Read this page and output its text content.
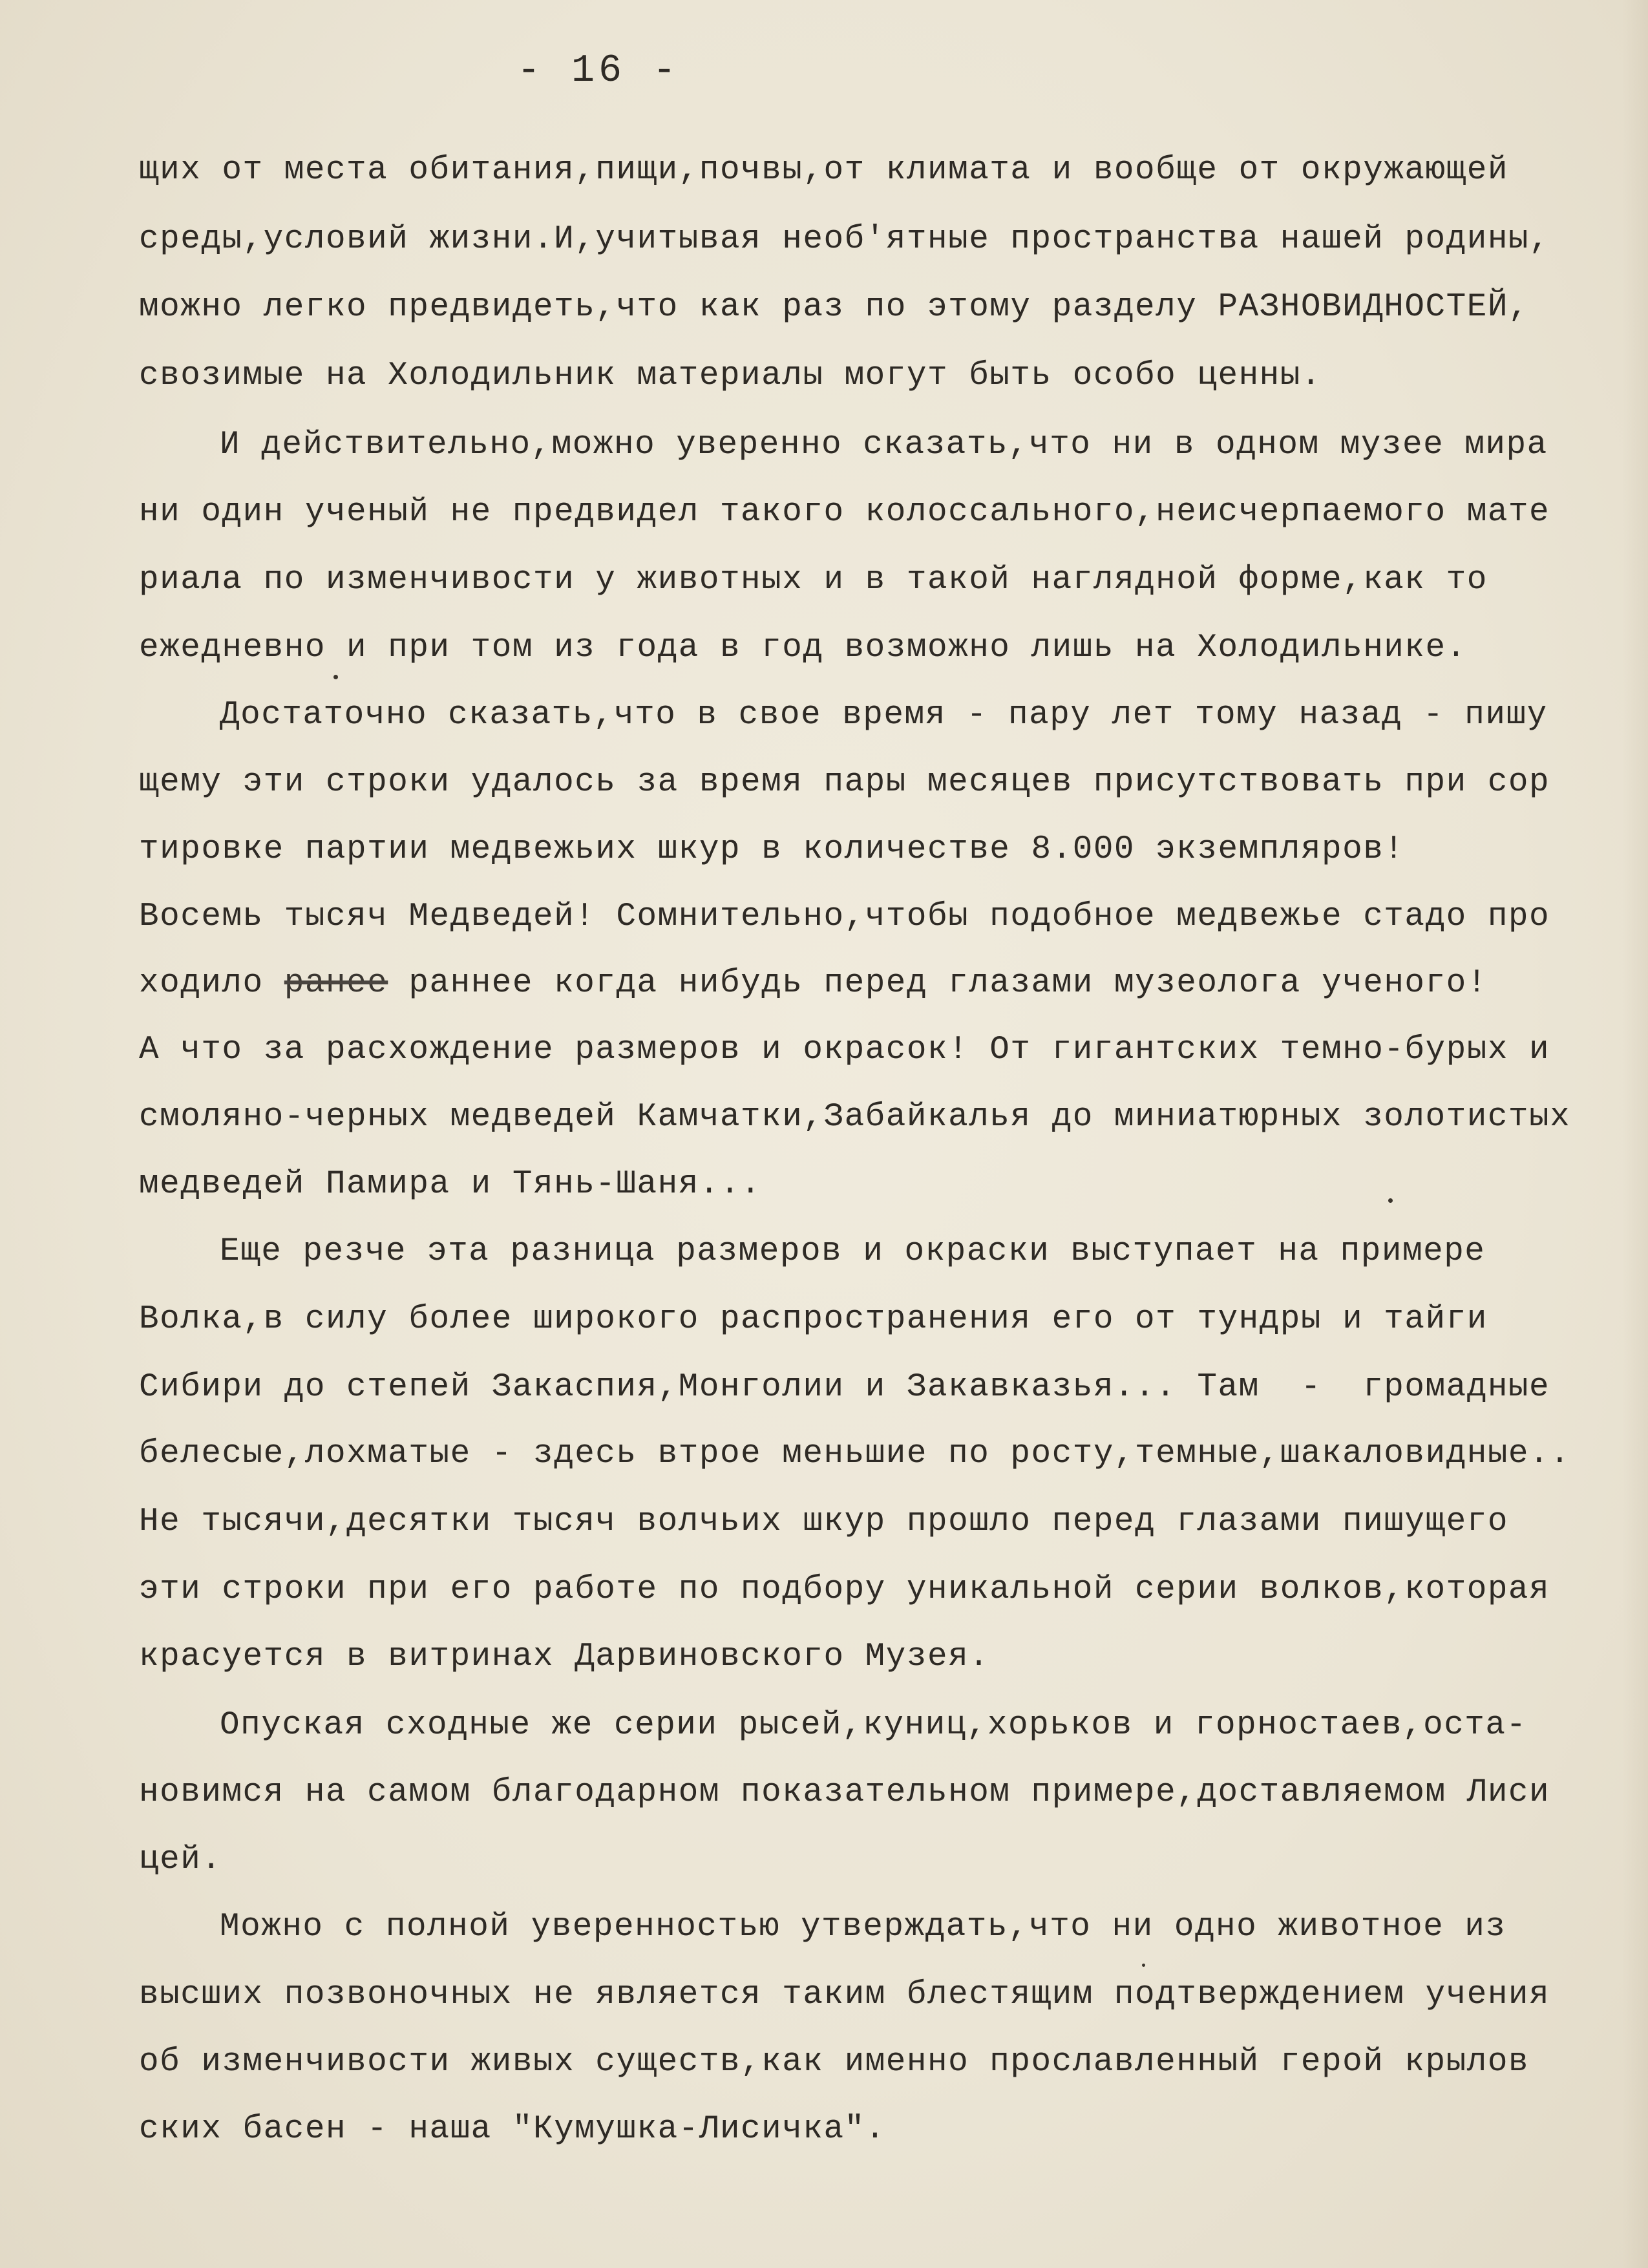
- 16 -
щих от места обитания,пищи,почвы,от климата и вообще от окружающей
среды,условий жизни.И,учитывая необ'ятные пространства нашей родины,
можно легко предвидеть,что как раз по этому разделу РАЗНОВИДНОСТЕЙ,
свозимые на Холодильник материалы могут быть особо ценны.
И действительно,можно уверенно сказать,что ни в одном музее мира
ни один ученый не предвидел такого колоссального,неисчерпаемого мате
риала по изменчивости у животных и в такой наглядной форме,как то
ежедневно и при том из года в год возможно лишь на Холодильнике.
Достаточно сказать,что в свое время - пару лет тому назад - пишу
щему эти строки удалось за время пары месяцев присутствовать при сор
тировке партии медвежьих шкур в количестве 8.000 экземпляров!
Восемь тысяч Медведей! Сомнительно,чтобы подобное медвежье стадо про
ходило ранее раннее когда нибудь перед глазами музеолога ученого!
А что за расхождение размеров и окрасок! От гигантских темно-бурых и
смоляно-черных медведей Камчатки,Забайкалья до миниатюрных золотистых
медведей Памира и Тянь-Шаня...
Еще резче эта разница размеров и окраски выступает на примере
Волка,в силу более широкого распространения его от тундры и тайги
Сибири до степей Закаспия,Монголии и Закавказья... Там  -  громадные
белесые,лохматые - здесь втрое меньшие по росту,темные,шакаловидные..
Не тысячи,десятки тысяч волчьих шкур прошло перед глазами пишущего
эти строки при его работе по подбору уникальной серии волков,которая
красуется в витринах Дарвиновского Музея.
Опуская сходные же серии рысей,куниц,хорьков и горностаев,оста-
новимся на самом благодарном показательном примере,доставляемом Лиси
цей.
Можно с полной уверенностью утверждать,что ни одно животное из
высших позвоночных не является таким блестящим подтверждением учения
об изменчивости живых существ,как именно прославленный герой крылов
ских басен - наша "Кумушка-Лисичка".
